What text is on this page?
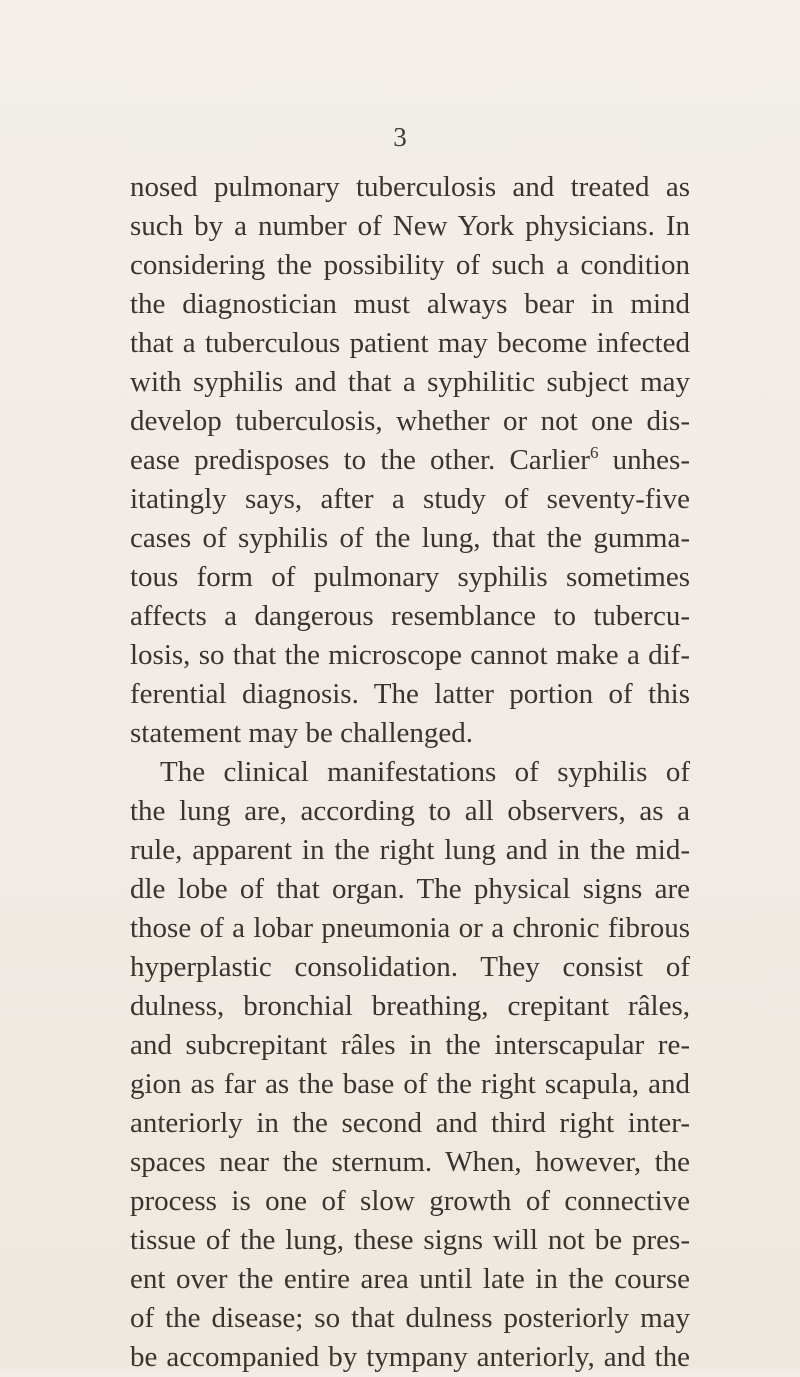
3
nosed pulmonary tuberculosis and treated as
such by a number of New York physicians. In
considering the possibility of such a condition
the diagnostician must always bear in mind
that a tuberculous patient may become infected
with syphilis and that a syphilitic subject may
develop tuberculosis, whether or not one dis-
ease predisposes to the other. Carlier$^6$ unhes-
itatingly says, after a study of seventy-five
cases of syphilis of the lung, that the gumma-
tous form of pulmonary syphilis sometimes
affects a dangerous resemblance to tubercu-
losis, so that the microscope cannot make a dif-
ferential diagnosis. The latter portion of this
statement may be challenged.
The clinical manifestations of syphilis of
the lung are, according to all observers, as a
rule, apparent in the right lung and in the mid-
dle lobe of that organ. The physical signs are
those of a lobar pneumonia or a chronic fibrous
hyperplastic consolidation. They consist of
dulness, bronchial breathing, crepitant râles,
and subcrepitant râles in the interscapular re-
gion as far as the base of the right scapula, and
anteriorly in the second and third right inter-
spaces near the sternum. When, however, the
process is one of slow growth of connective
tissue of the lung, these signs will not be pres-
ent over the entire area until late in the course
of the disease; so that dulness posteriorly may
be accompanied by tympany anteriorly, and the
